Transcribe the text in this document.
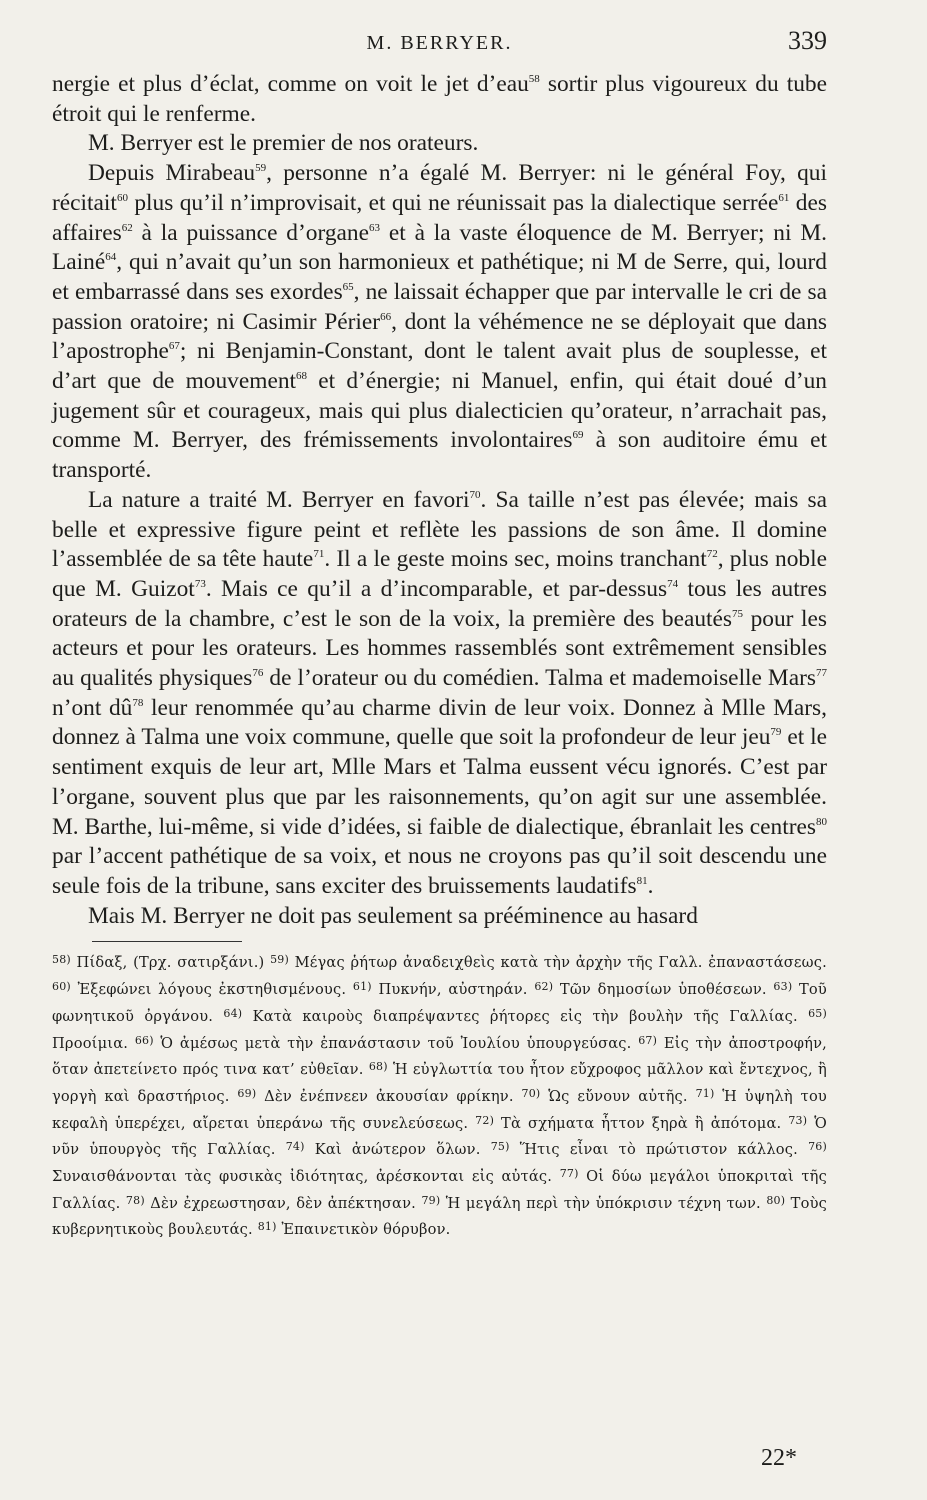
M. BERRYER.	339

nergie et plus d’éclat, comme on voit le jet d’eau$^{58}$ sortir plus vigoureux du tube étroit qui le renferme.

M. Berryer est le premier de nos orateurs.

Depuis Mirabeau$^{59}$, personne n’a égalé M. Berryer: ni le général Foy, qui récitait$^{60}$ plus qu’il n’improvisait, et qui ne réunissait pas la dialectique serrée$^{61}$ des affaires$^{62}$ à la puissance d’organe$^{63}$ et à la vaste éloquence de M. Berryer; ni M. Lainé$^{64}$, qui n’avait qu’un son harmonieux et pathétique; ni M de Serre, qui, lourd et embarrassé dans ses exordes$^{65}$, ne laissait échapper que par intervalle le cri de sa passion oratoire; ni Casimir Périer$^{66}$, dont la véhémence ne se déployait que dans l’apostrophe$^{67}$; ni Benjamin-Constant, dont le talent avait plus de souplesse, et d’art que de mouvement$^{68}$ et d’énergie; ni Manuel, enfin, qui était doué d’un jugement sûr et courageux, mais qui plus dialecticien qu’orateur, n’arrachait pas, comme M. Berryer, des frémissements involontaires$^{69}$ à son auditoire ému et transporté.

La nature a traité M. Berryer en favori$^{70}$. Sa taille n’est pas élevée; mais sa belle et expressive figure peint et reflète les passions de son âme. Il domine l’assemblée de sa tête haute$^{71}$. Il a le geste moins sec, moins tranchant$^{72}$, plus noble que M. Guizot$^{73}$. Mais ce qu’il a d’incomparable, et par-dessus$^{74}$ tous les autres orateurs de la chambre, c’est le son de la voix, la première des beautés$^{75}$ pour les acteurs et pour les orateurs. Les hommes rassemblés sont extrêmement sensibles au qualités physiques$^{76}$ de l’orateur ou du comédien. Talma et mademoiselle Mars$^{77}$ n’ont $dû^{78}$ leur renommée qu’au charme divin de leur voix. Donnez à Mlle Mars, donnez à Talma une voix commune, quelle que soit la profondeur de leur jeu$^{79}$ et le sentiment exquis de leur art, Mlle Mars et Talma eussent vécu ignorés. C’est par l’organe, souvent plus que par les raisonnements, qu’on agit sur une assemblée. M. Barthe, lui-même, si vide d’idées, si faible de dialectique, ébranlait les centres$^{80}$ par l’accent pathétique de sa voix, et nous ne croyons pas qu’il soit descendu une seule fois de la tribune, sans exciter des bruissements laudatifs$^{81}$.

Mais M. Berryer ne doit pas seulement sa prééminence au hasard

$^{58)}$ Πίδαξ, (Τρχ. σατιρξάνι.) $^{59)}$ Μέγας ῥήτωρ ἀναδειχθεὶς κατὰ τὴν ἀρχὴν τῆς Γαλλ. ἐπαναστάσεως. $^{60)}$ Ἐξεφώνει λόγους ἐκστηθισμένους. $^{61)}$ Πυκνήν, αὐστηράν. $^{62)}$ Τῶν δημοσίων ὑποθέσεων. $^{63)}$ Τοῦ φωνητικοῦ ὀργάνου. $^{64)}$ Κατὰ καιροὺς διαπρέψαντες ῥήτορες εἰς τὴν βουλὴν τῆς Γαλλίας. $^{65)}$ Προοίμια. $^{66)}$ Ὁ ἀμέσως μετὰ τὴν ἐπανάστασιν τοῦ Ἰουλίου ὑπουργεύσας. $^{67)}$ Εἰς τὴν ἀποστροφήν, ὅταν ἀπετείνετο πρός τινα κατ’ εὐθεῖαν. $^{68)}$ Ἡ εὐγλωττία του ἦτον εὔχροφος μᾶλλον καὶ ἔντεχνος, ἢ γοργὴ καὶ δραστήριος. $^{69)}$ Δὲν ἐνέπνεεν ἀκουσίαν φρίκην. $^{70)}$ Ὡς εὔνουν αὐτῆς. $^{71)}$ Ἡ ὑψηλὴ του κεφαλὴ ὑπερέχει, αἴρεται ὑπεράνω τῆς συνελεύσεως. $^{72)}$ Τὰ σχήματα ἧττον ξηρὰ ἢ ἀπότομα. $^{73)}$ Ὁ νῦν ὑπουργὸς τῆς Γαλλίας. $^{74)}$ Καὶ ἀνώτερον ὅλων. $^{75)}$ Ἥτις εἶναι τὸ πρώτιστον κάλλος. $^{76)}$ Συναισθάνονται τὰς φυσικὰς ἰδιότητας, ἀρέσκονται εἰς αὐτάς. $^{77)}$ Οἱ δύω μεγάλοι ὑποκριταὶ τῆς Γαλλίας. $^{78)}$ Δὲν ἐχρεωστησαν, δὲν ἀπέκτησαν. $^{79)}$ Ἡ μεγάλη περὶ τὴν ὑπόκρισιν τέχνη των. $^{80)}$ Τοὺς κυβερνητικοὺς βουλευτάς. $^{81)}$ Ἐπαινετικὸν θόρυβον.

22*
